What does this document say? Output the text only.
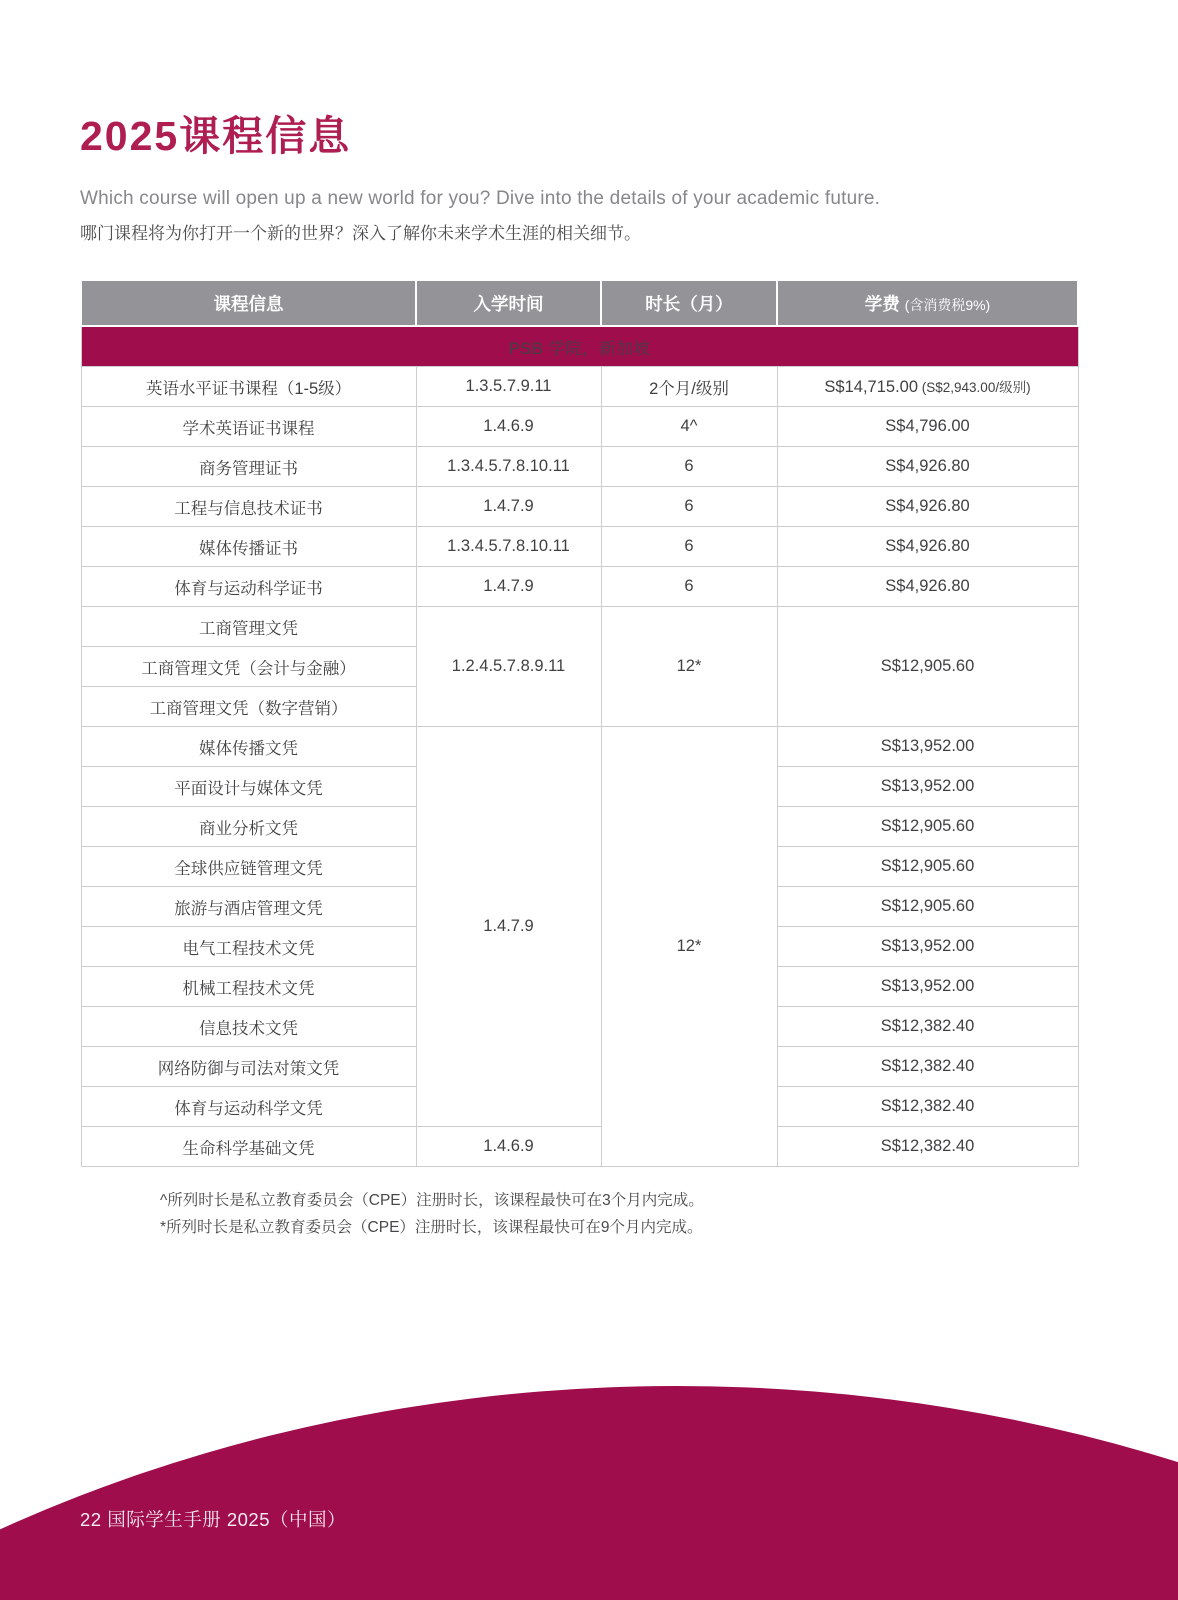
2025课程信息

Which course will open up a new world for you? Dive into the details of your academic future.

哪门课程将为你打开一个新的世界？深入了解你未来学术生涯的相关细节。

课程信息	入学时间	时长（月）	学费 (含消费税9%)
PSB 学院，新加坡			
英语水平证书课程（1-5级）	1.3.5.7.9.11	2个月/级别	S$14,715.00 (S$2,943.00/级别)
学术英语证书课程	1.4.6.9	4^	S$4,796.00
商务管理证书	1.3.4.5.7.8.10.11	6	S$4,926.80
工程与信息技术证书	1.4.7.9	6	S$4,926.80
媒体传播证书	1.3.4.5.7.8.10.11	6	S$4,926.80
体育与运动科学证书	1.4.7.9	6	S$4,926.80
工商管理文凭	1.2.4.5.7.8.9.11	12*	S$12,905.60
工商管理文凭（会计与金融）			
工商管理文凭（数字营销）			
媒体传播文凭	1.4.7.9	12*	S$13,952.00
平面设计与媒体文凭			S$13,952.00
商业分析文凭			S$12,905.60
全球供应链管理文凭			S$12,905.60
旅游与酒店管理文凭			S$12,905.60
电气工程技术文凭			S$13,952.00
机械工程技术文凭			S$13,952.00
信息技术文凭			S$12,382.40
网络防御与司法对策文凭			S$12,382.40
体育与运动科学文凭			S$12,382.40
生命科学基础文凭	1.4.6.9		S$12,382.40

^所列时长是私立教育委员会（CPE）注册时长，该课程最快可在3个月内完成。

*所列时长是私立教育委员会（CPE）注册时长，该课程最快可在9个月内完成。

22 国际学生手册 2025（中国）
